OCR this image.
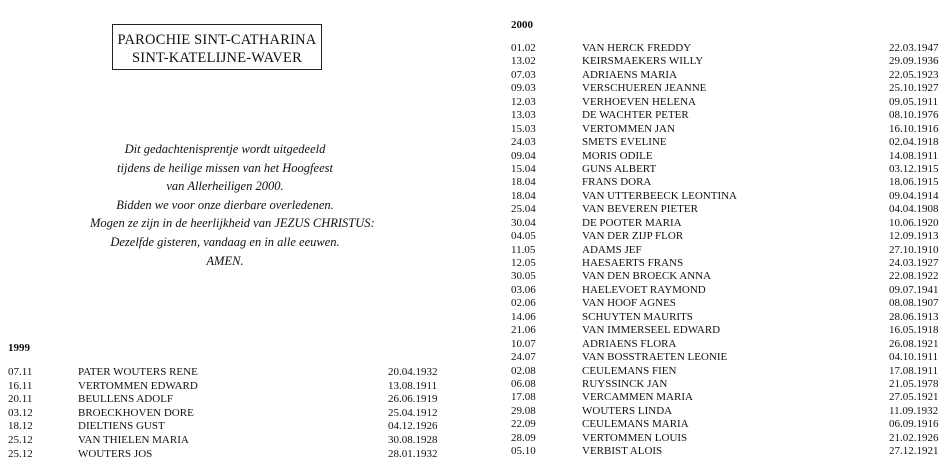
PAROCHIE SINT-CATHARINA
SINT-KATELIJNE-WAVER
Dit gedachtenisprentje wordt uitgedeeld
tijdens de heilige missen van het Hoogfeest
van Allerheiligen 2000.
Bidden we voor onze dierbare overledenen.
Mogen ze zijn in de heerlijkheid van JEZUS CHRISTUS:
Dezelfde gisteren, vandaag en in alle eeuwen.
AMEN.
1999
07.11	PATER WOUTERS RENE	20.04.1932
16.11	VERTOMMEN EDWARD	13.08.1911
20.11	BEULLENS ADOLF	26.06.1919
03.12	BROECKHOVEN DORE	25.04.1912
18.12	DIELTIENS GUST	04.12.1926
25.12	VAN THIELEN MARIA	30.08.1928
25.12	WOUTERS JOS	28.01.1932
2000
01.02	VAN HERCK FREDDY	22.03.1947
13.02	KEIRSMAEKERS WILLY	29.09.1936
07.03	ADRIAENS MARIA	22.05.1923
09.03	VERSCHUEREN JEANNE	25.10.1927
12.03	VERHOEVEN HELENA	09.05.1911
13.03	DE WACHTER PETER	08.10.1976
15.03	VERTOMMEN JAN	16.10.1916
24.03	SMETS EVELINE	02.04.1918
09.04	MORIS ODILE	14.08.1911
15.04	GUNS ALBERT	03.12.1915
18.04	FRANS DORA	18.06.1915
18.04	VAN UTTERBEECK LEONTINA	09.04.1914
25.04	VAN BEVEREN PIETER	04.04.1908
30.04	DE POOTER MARIA	10.06.1920
04.05	VAN DER ZIJP FLOR	12.09.1913
11.05	ADAMS JEF	27.10.1910
12.05	HAESAERTS FRANS	24.03.1927
30.05	VAN DEN BROECK ANNA	22.08.1922
03.06	HAELEVOET RAYMOND	09.07.1941
02.06	VAN HOOF AGNES	08.08.1907
14.06	SCHUYTEN MAURITS	28.06.1913
21.06	VAN IMMERSEEL EDWARD	16.05.1918
10.07	ADRIAENS FLORA	26.08.1921
24.07	VAN BOSSTRAETEN LEONIE	04.10.1911
02.08	CEULEMANS FIEN	17.08.1911
06.08	RUYSSINCK JAN	21.05.1978
17.08	VERCAMMEN MARIA	27.05.1921
29.08	WOUTERS LINDA	11.09.1932
22.09	CEULEMANS MARIA	06.09.1916
28.09	VERTOMMEN LOUIS	21.02.1926
05.10	VERBIST ALOIS	27.12.1921
